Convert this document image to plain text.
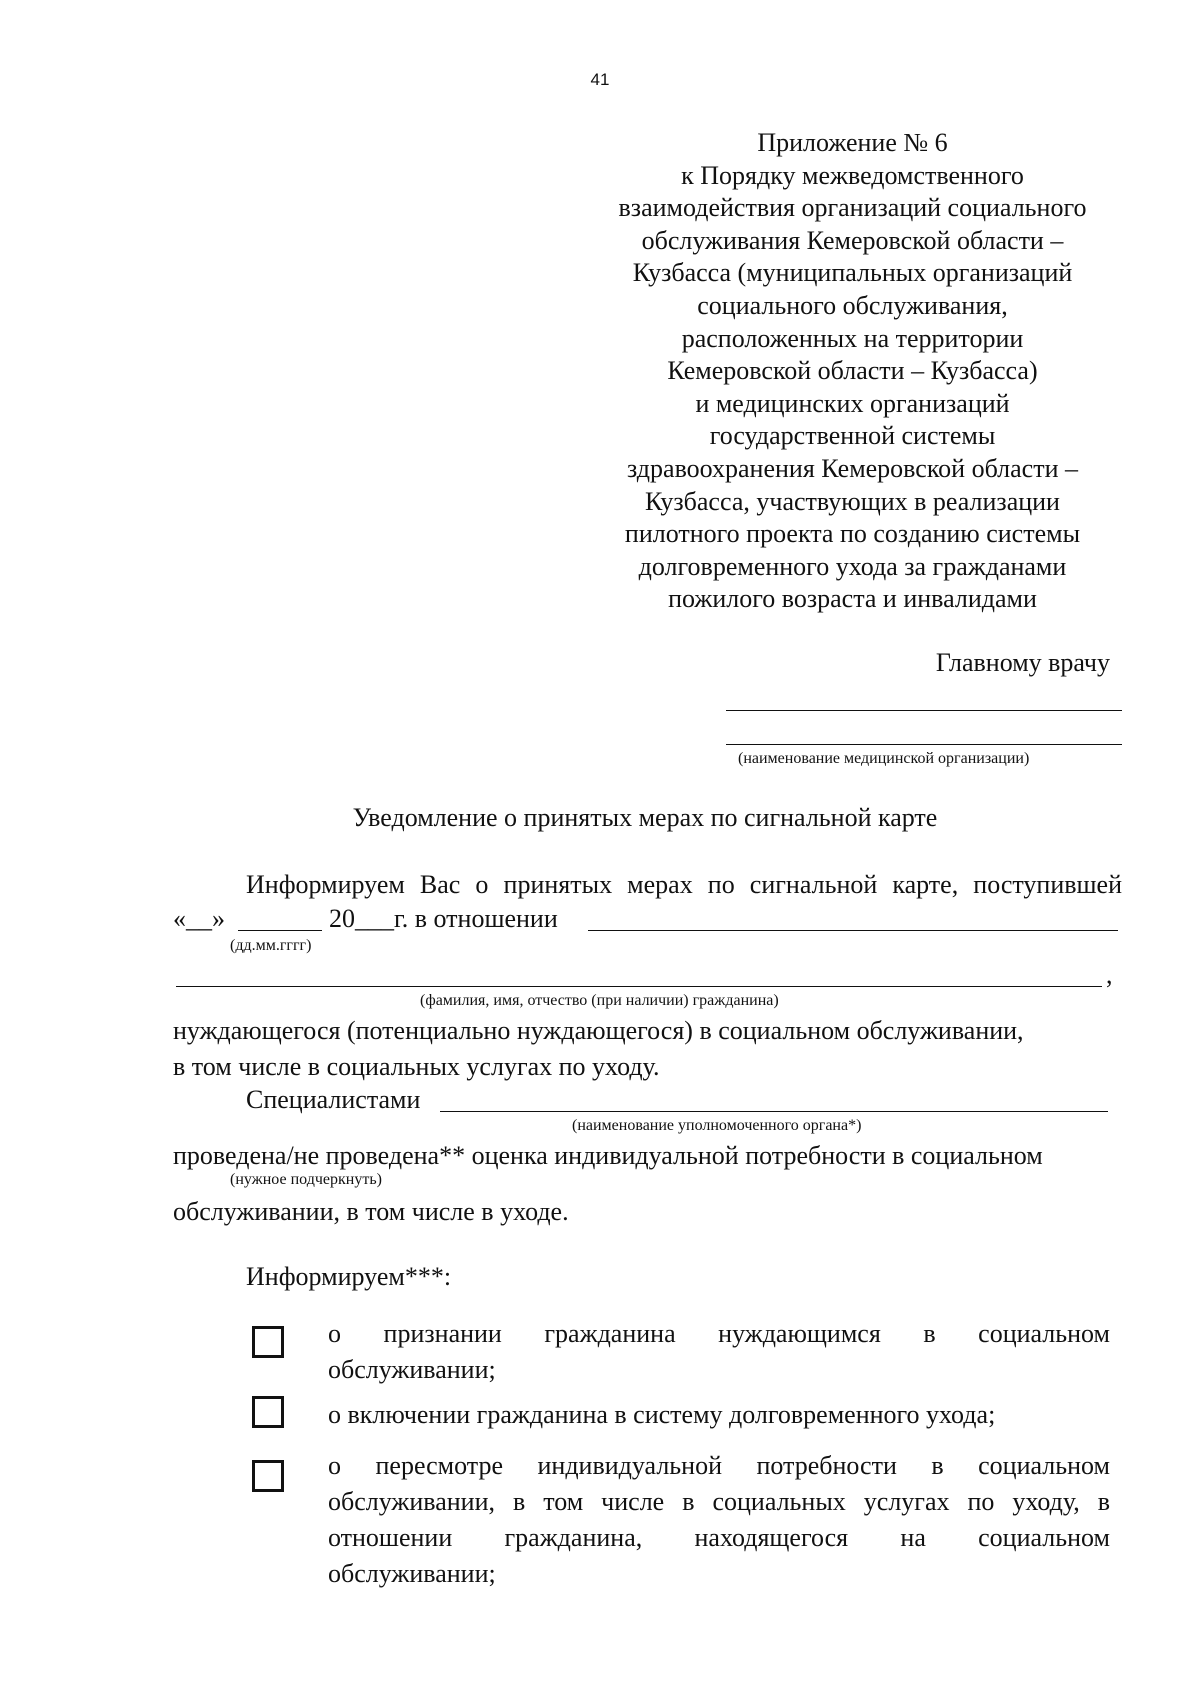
41
Приложение № 6
к Порядку межведомственного
взаимодействия организаций социального
обслуживания Кемеровской области –
Кузбасса (муниципальных организаций
социального обслуживания,
расположенных на территории
Кемеровской области – Кузбасса)
и медицинских организаций
государственной системы
здравоохранения Кемеровской области –
Кузбасса, участвующих в реализации
пилотного проекта по созданию системы
долговременного ухода за гражданами
пожилого возраста и инвалидами
Главному врачу
(наименование медицинской организации)
Уведомление о принятых мерах по сигнальной карте
Информируем Вас о принятых мерах по сигнальной карте, поступившей
«__»	20___г. в отношении
(дд.мм.гггг)
,
(фамилия, имя, отчество (при наличии) гражданина)
нуждающегося (потенциально нуждающегося) в социальном обслуживании,
в том числе в социальных услугах по уходу.
Специалистами
(наименование уполномоченного органа*)
проведена/не проведена** оценка индивидуальной потребности в социальном
(нужное подчеркнуть)
обслуживании, в том числе в уходе.
Информируем***:
о признании гражданина нуждающимся в социальном
обслуживании;
о включении гражданина в систему долговременного ухода;
о пересмотре индивидуальной потребности в социальном
обслуживании, в том числе в социальных услугах по уходу, в
отношении гражданина, находящегося на социальном
обслуживании;
